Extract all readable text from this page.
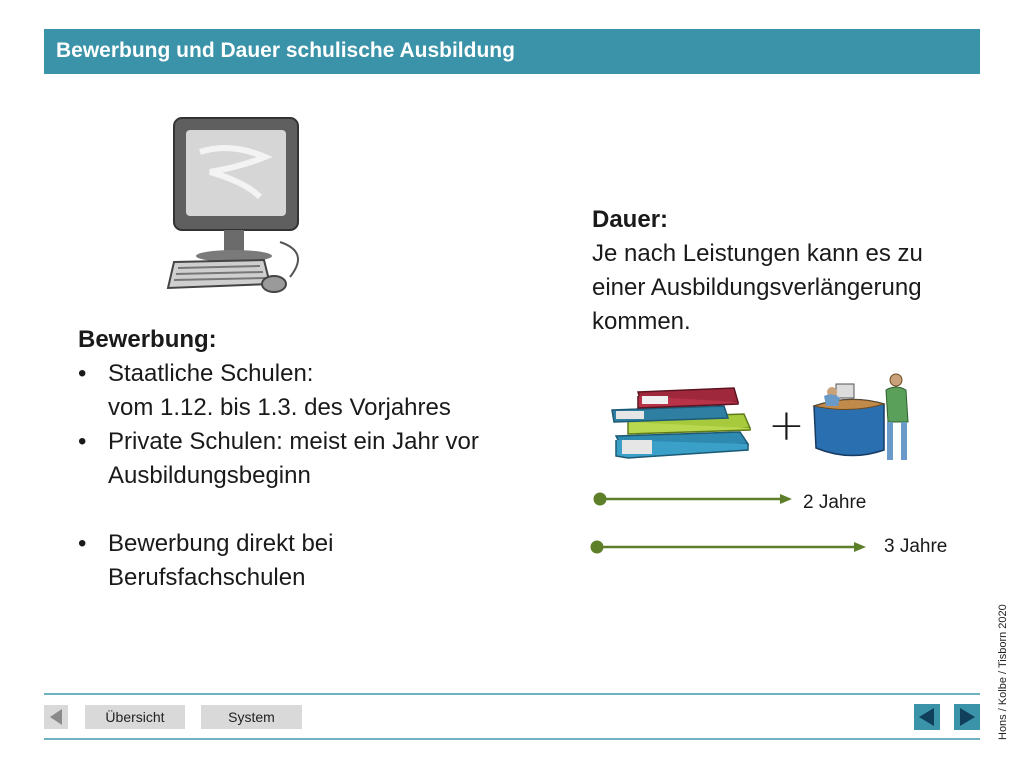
Bewerbung und Dauer schulische Ausbildung
Dauer:
Je nach Leistungen kann es zu
einer Ausbildungsverlängerung
kommen.
Bewerbung:
• Staatliche Schulen:
vom 1.12. bis 1.3. des Vorjahres
• Private Schulen: meist ein Jahr vor
Ausbildungsbeginn
• Bewerbung direkt bei
Berufsfachschulen
+
2 Jahre
3 Jahre
Hons / Kolbe / Tisborn 2020
Übersicht	System
